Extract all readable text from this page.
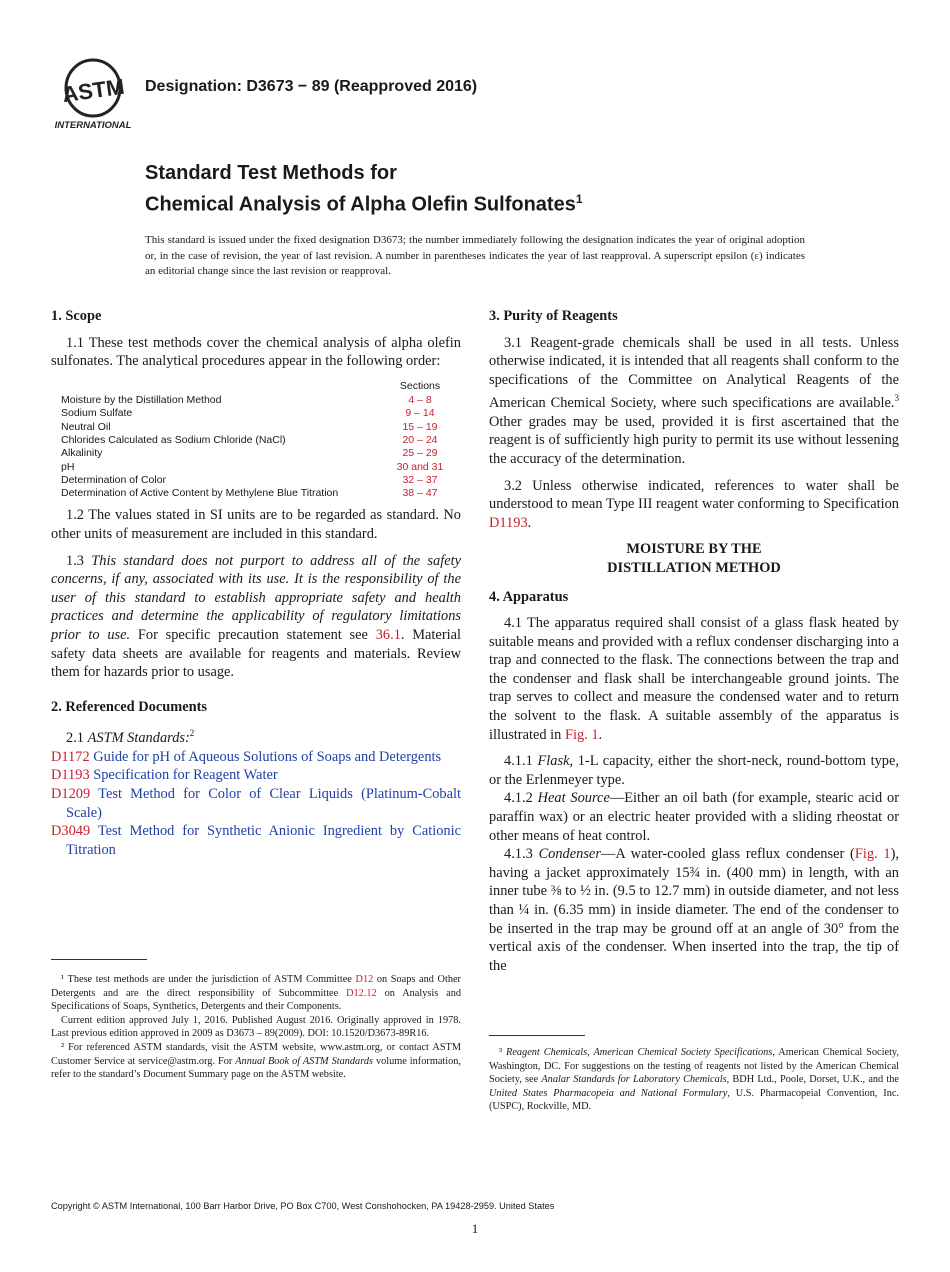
ASTM
INTERNATIONAL
Designation: D3673 − 89 (Reapproved 2016)
Standard Test Methods for
Chemical Analysis of Alpha Olefin Sulfonates$^1$
This standard is issued under the fixed designation D3673; the number immediately following the designation indicates the year of original adoption or, in the case of revision, the year of last revision. A number in parentheses indicates the year of last reapproval. A superscript epsilon (ε) indicates an editorial change since the last revision or reapproval.
1. Scope

1.1 These test methods cover the chemical analysis of alpha olefin sulfonates. The analytical procedures appear in the following order:

	Sections
Moisture by the Distillation Method	4 – 8
Sodium Sulfate	9 – 14
Neutral Oil	15 – 19
Chlorides Calculated as Sodium Chloride (NaCl)	20 – 24
Alkalinity	25 – 29
pH	30 and 31
Determination of Color	32 – 37
Determination of Active Content by Methylene Blue Titration	38 – 47

1.2 The values stated in SI units are to be regarded as standard. No other units of measurement are included in this standard.

1.3 This standard does not purport to address all of the safety concerns, if any, associated with its use. It is the responsibility of the user of this standard to establish appropriate safety and health practices and determine the applicability of regulatory limitations prior to use. For specific precaution statement see 36.1. Material safety data sheets are available for reagents and materials. Review them for hazards prior to usage.

2. Referenced Documents

2.1 ASTM Standards:$^2$

D1172 Guide for pH of Aqueous Solutions of Soaps and Detergents
D1193 Specification for Reagent Water
D1209 Test Method for Color of Clear Liquids (Platinum-Cobalt Scale)
D3049 Test Method for Synthetic Anionic Ingredient by Cationic Titration
3. Purity of Reagents

3.1 Reagent-grade chemicals shall be used in all tests. Unless otherwise indicated, it is intended that all reagents shall conform to the specifications of the Committee on Analytical Reagents of the American Chemical Society, where such specifications are available.$^3$ Other grades may be used, provided it is first ascertained that the reagent is of sufficiently high purity to permit its use without lessening the accuracy of the determination.

3.2 Unless otherwise indicated, references to water shall be understood to mean Type III reagent water conforming to Specification D1193.

MOISTURE BY THE DISTILLATION METHOD
4. Apparatus

4.1 The apparatus required shall consist of a glass flask heated by suitable means and provided with a reflux condenser discharging into a trap and connected to the flask. The connections between the trap and the condenser and flask shall be interchangeable ground joints. The trap serves to collect and measure the condensed water and to return the solvent to the flask. A suitable assembly of the apparatus is illustrated in Fig. 1.

4.1.1 Flask, 1-L capacity, either the short-neck, round-bottom type, or the Erlenmeyer type.

4.1.2 Heat Source—Either an oil bath (for example, stearic acid or paraffin wax) or an electric heater provided with a sliding rheostat or other means of heat control.

4.1.3 Condenser—A water-cooled glass reflux condenser (Fig. 1), having a jacket approximately 15¾ in. (400 mm) in length, with an inner tube ⅜ to ½ in. (9.5 to 12.7 mm) in outside diameter, and not less than ¼ in. (6.35 mm) in inside diameter. The end of the condenser to be inserted in the trap may be ground off at an angle of 30° from the vertical axis of the condenser. When inserted into the trap, the tip of the

¹ These test methods are under the jurisdiction of ASTM Committee D12 on Soaps and Other Detergents and are the direct responsibility of Subcommittee D12.12 on Analysis and Specifications of Soaps, Synthetics, Detergents and their Components.

Current edition approved July 1, 2016. Published August 2016. Originally approved in 1978. Last previous edition approved in 2009 as D3673 – 89(2009). DOI: 10.1520/D3673-89R16.

² For referenced ASTM standards, visit the ASTM website, www.astm.org, or contact ASTM Customer Service at service@astm.org. For Annual Book of ASTM Standards volume information, refer to the standard’s Document Summary page on the ASTM website.

³ Reagent Chemicals, American Chemical Society Specifications, American Chemical Society, Washington, DC. For suggestions on the testing of reagents not listed by the American Chemical Society, see Analar Standards for Laboratory Chemicals, BDH Ltd., Poole, Dorset, U.K., and the United States Pharmacopeia and National Formulary, U.S. Pharmacopeial Convention, Inc. (USPC), Rockville, MD.

Copyright © ASTM International, 100 Barr Harbor Drive, PO Box C700, West Conshohocken, PA 19428-2959. United States
1
